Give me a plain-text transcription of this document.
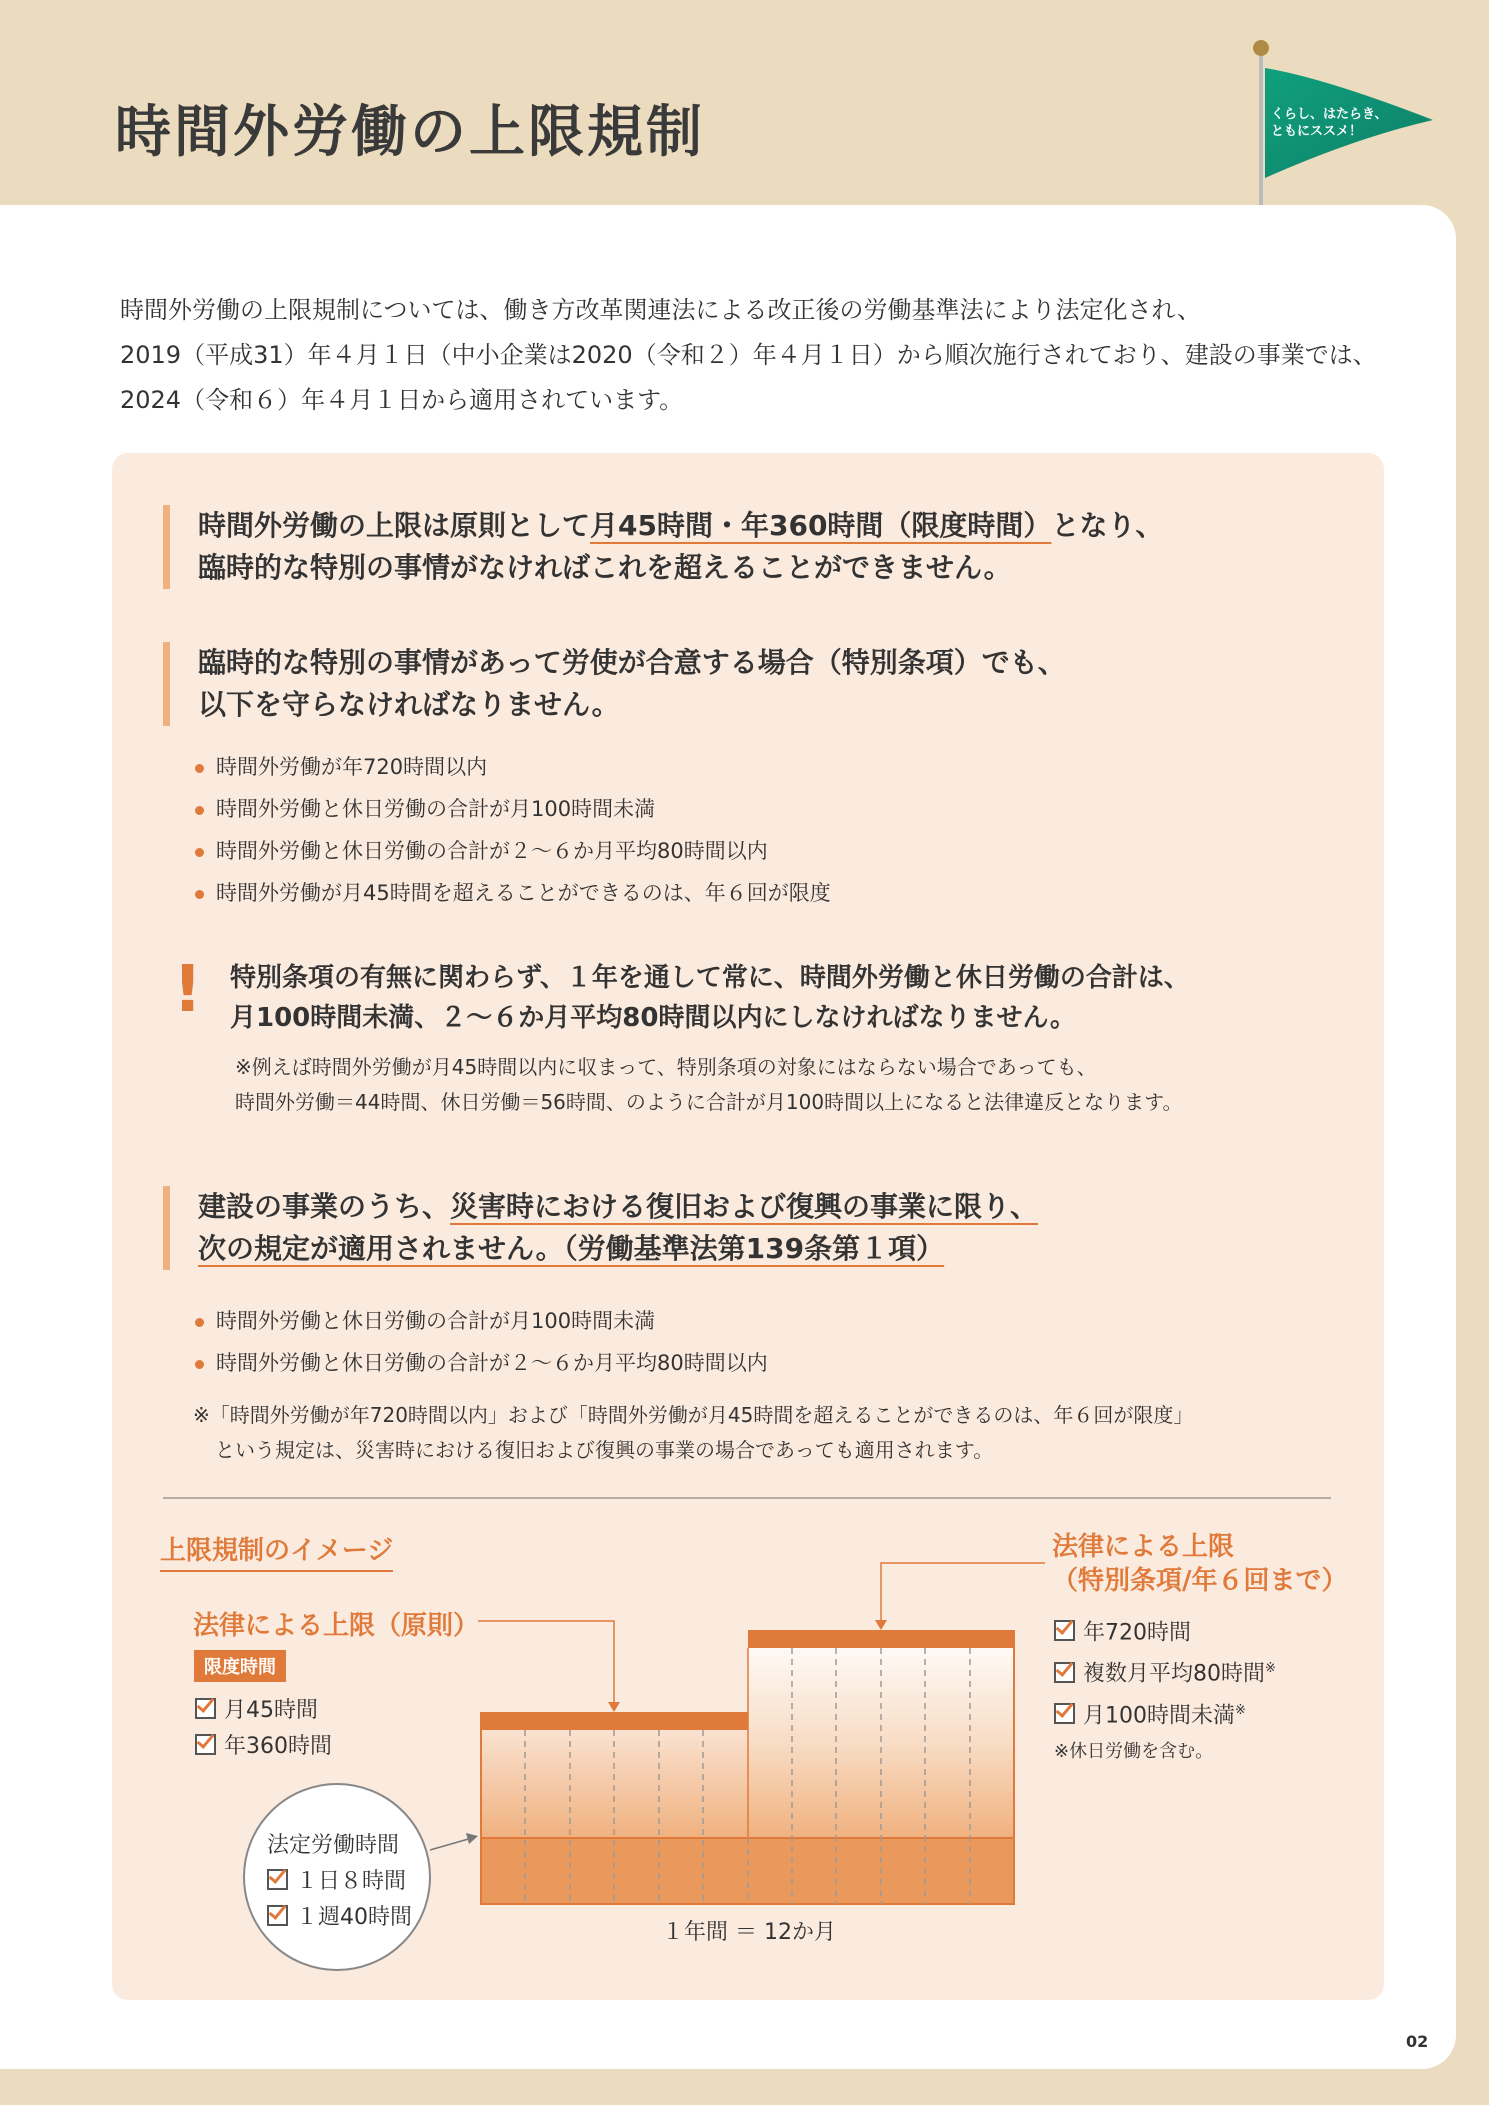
時間外労働の上限規制	くらし、はたらき、
ともにススメ！
時間外労働の上限規制については、働き方改革関連法による改正後の労働基準法により法定化され、
2019（平成31）年４月１日（中小企業は2020（令和２）年４月１日）から順次施行されており、建設の事業では、
2024（令和６）年４月１日から適用されています。
時間外労働の上限は原則として月45時間・年360時間（限度時間）となり、
臨時的な特別の事情がなければこれを超えることができません。
臨時的な特別の事情があって労使が合意する場合（特別条項）でも、
以下を守らなければなりません。
時間外労働が年720時間以内
時間外労働と休日労働の合計が月100時間未満
時間外労働と休日労働の合計が２～６か月平均80時間以内
時間外労働が月45時間を超えることができるのは、年６回が限度
! 特別条項の有無に関わらず、１年を通して常に、時間外労働と休日労働の合計は、
月100時間未満、２～６か月平均80時間以内にしなければなりません。
※例えば時間外労働が月45時間以内に収まって、特別条項の対象にはならない場合であっても、
時間外労働＝44時間、休日労働＝56時間、のように合計が月100時間以上になると法律違反となります。
建設の事業のうち、災害時における復旧および復興の事業に限り、
次の規定が適用されません。（労働基準法第139条第１項）
時間外労働と休日労働の合計が月100時間未満
時間外労働と休日労働の合計が２～６か月平均80時間以内
※「時間外労働が年720時間以内」および「時間外労働が月45時間を超えることができるのは、年６回が限度」
という規定は、災害時における復旧および復興の事業の場合であっても適用されます。
上限規制のイメージ
法律による上限（原則）
限度時間
月45時間
年360時間
法定労働時間
１日８時間
１週40時間
法律による上限
（特別条項/年６回まで）
年720時間
複数月平均80時間※
月100時間未満※
※休日労働を含む。
１年間 ＝ 12か月
02
